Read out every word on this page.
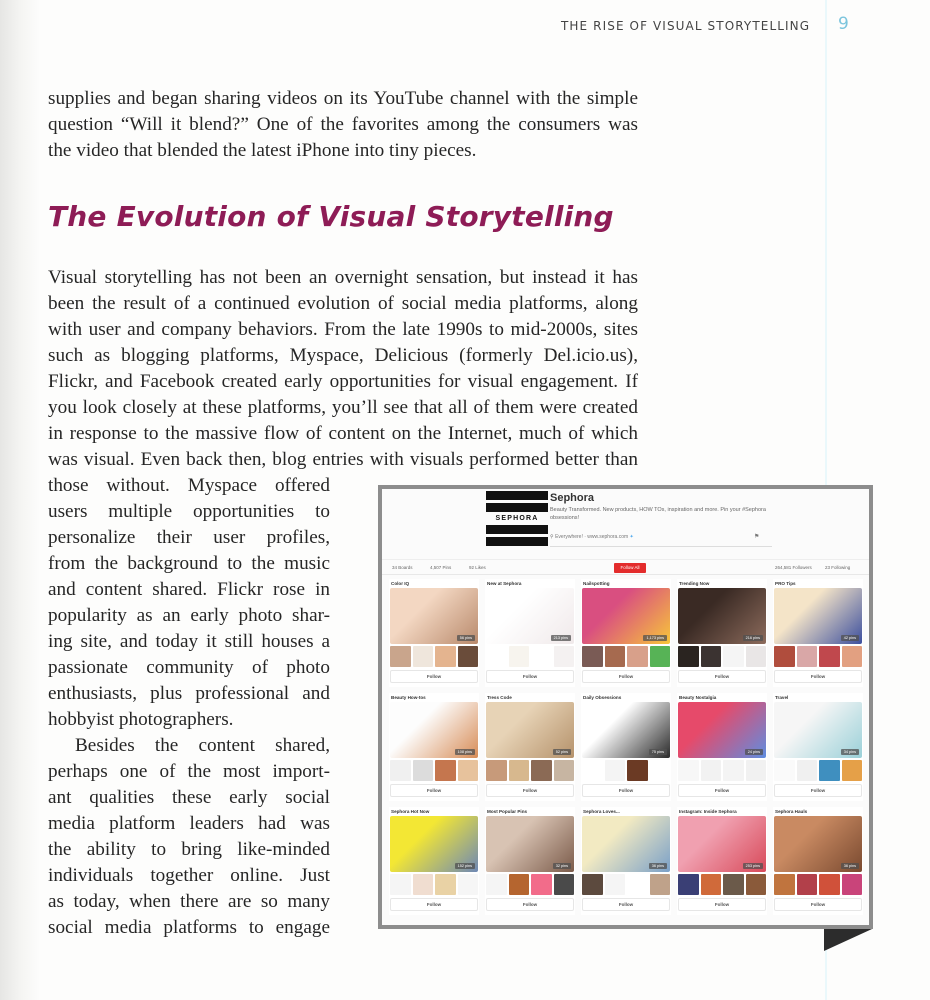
THE RISE OF VISUAL STORYTELLING 9
supplies and began sharing videos on its YouTube channel with the simple
question “Will it blend?” One of the favorites among the consumers was
the video that blended the latest iPhone into tiny pieces.
The Evolution of Visual Storytelling
Visual storytelling has not been an overnight sensation, but instead it has
been the result of a continued evolution of social media platforms, along
with user and company behaviors. From the late 1990s to mid-2000s, sites
such as blogging platforms, Myspace, Delicious (formerly Del.icio.us),
Flickr, and Facebook created early opportunities for visual engagement. If
you look closely at these platforms, you’ll see that all of them were created
in response to the massive flow of content on the Internet, much of which
was visual. Even back then, blog entries with visuals performed better than
those without. Myspace offered
users multiple opportunities to
personalize their user profiles,
from the background to the music
and content shared. Flickr rose in
popularity as an early photo shar-
ing site, and today it still houses a
passionate community of photo
enthusiasts, plus professional and
hobbyist photographers.
Besides the content shared,
perhaps one of the most import-
ant qualities these early social
media platform leaders had was
the ability to bring like-minded
individuals together online. Just
as today, when there are so many
social media platforms to engage
SEPHORA
Sephora
Beauty Transformed. New products, HOW TOs, inspiration and more. Pin your #Sephora obsessions!
⚲ Everywhere! · www.sephora.com ✦	⚑
34 Boards	4,507 Pins	92 Likes	Follow All	264,581 Followers	23 Following
Color IQ
56 pins
Follow
New at Sephora
213 pins
Follow
Nailspotting
1,173 pins
Follow
Trending Now
216 pins
Follow
PRO Tips
42 pins
Follow
Beauty How-tos
108 pins
Follow
Tress Code
52 pins
Follow
Daily Obsessions
75 pins
Follow
Beauty Nostalgia
24 pins
Follow
Travel
34 pins
Follow
Sephora Hot Now
152 pins
Follow
Most Popular Pins
32 pins
Follow
Sephora Loves...
36 pins
Follow
Instagram: Inside Sephora
253 pins
Follow
Sephora Hauls
36 pins
Follow
